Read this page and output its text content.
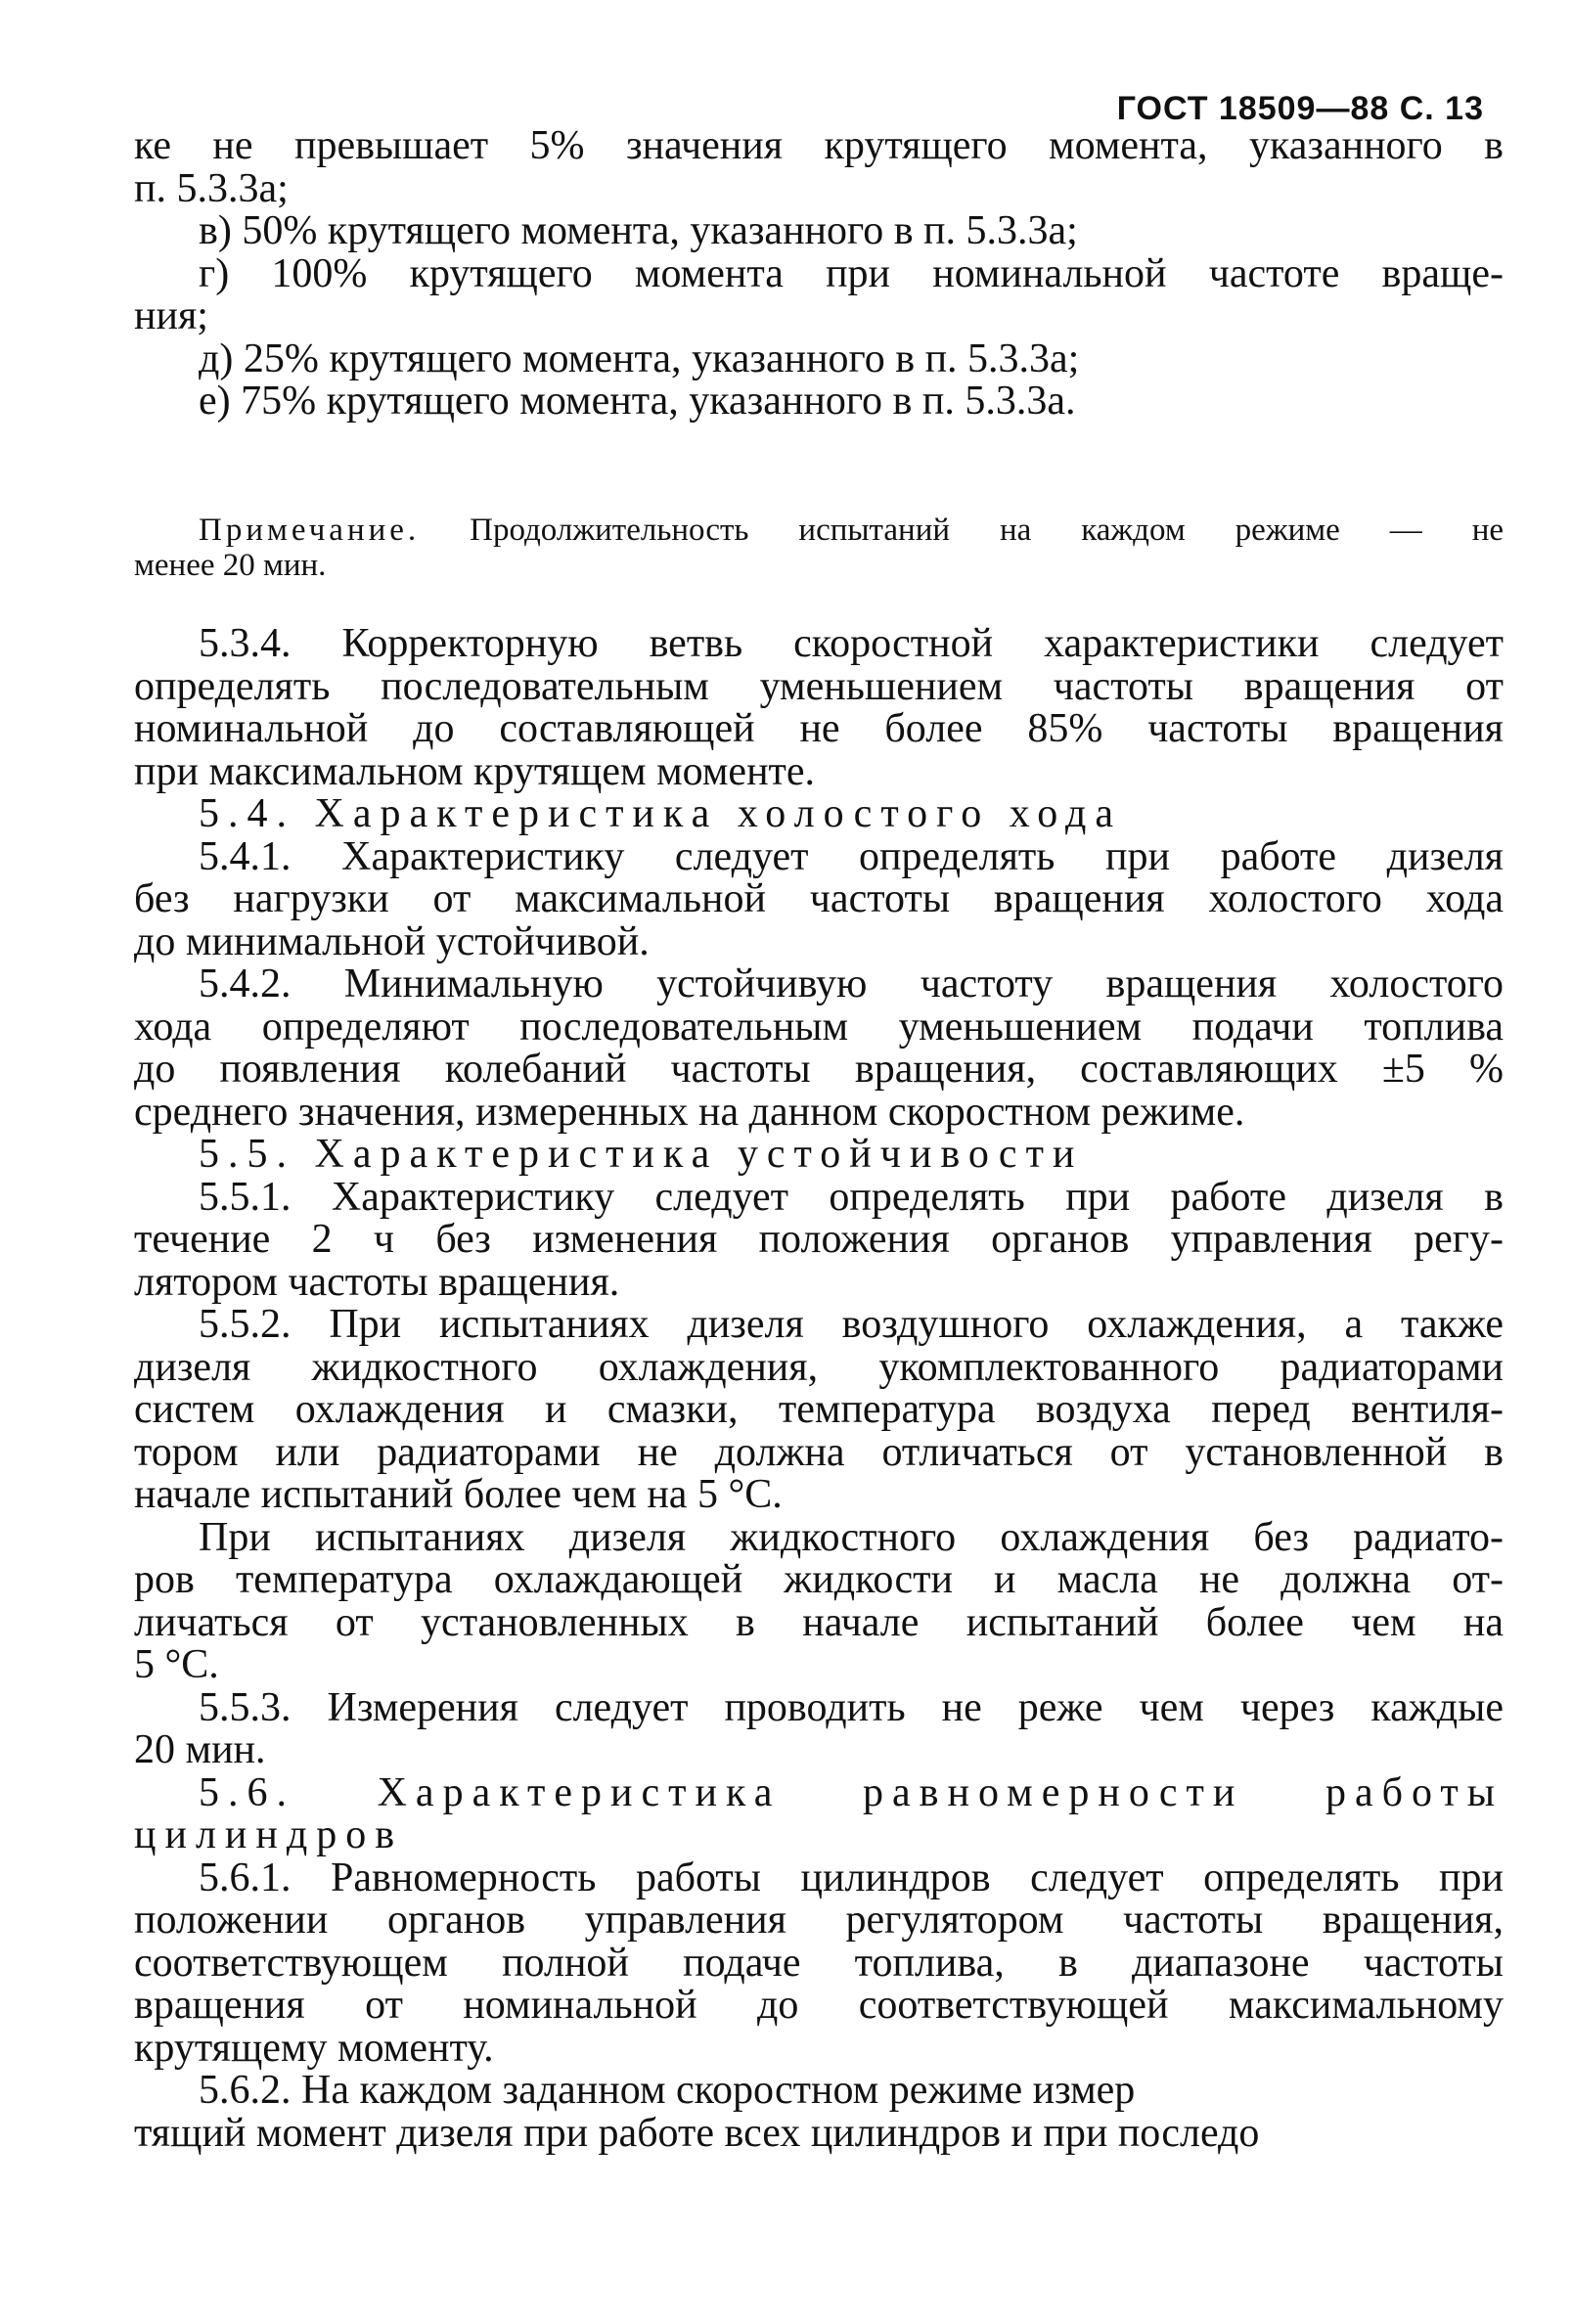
ГОСТ 18509—88 С. 13
ке не превышает 5% значения крутящего момента, указанного в
п. 5.3.3а;
в) 50% крутящего момента, указанного в п. 5.3.3а;
г) 100% крутящего момента при номинальной частоте враще-
ния;
д) 25% крутящего момента, указанного в п. 5.3.3а;
е) 75% крутящего момента, указанного в п. 5.3.3а.
Примечание. Продолжительность испытаний на каждом режиме — не
менее 20 мин.
5.3.4. Корректорную ветвь скоростной характеристики следует
определять последовательным уменьшением частоты вращения от
номинальной до составляющей не более 85% частоты вращения
при максимальном крутящем моменте.
5.4. Характеристика холостого хода
5.4.1. Характеристику следует определять при работе дизеля
без нагрузки от максимальной частоты вращения холостого хода
до минимальной устойчивой.
5.4.2. Минимальную устойчивую частоту вращения холостого
хода определяют последовательным уменьшением подачи топлива
до появления колебаний частоты вращения, составляющих ±5 %
среднего значения, измеренных на данном скоростном режиме.
5.5. Характеристика устойчивости
5.5.1. Характеристику следует определять при работе дизеля в
течение 2 ч без изменения положения органов управления регу-
лятором частоты вращения.
5.5.2. При испытаниях дизеля воздушного охлаждения, а также
дизеля жидкостного охлаждения, укомплектованного радиаторами
систем охлаждения и смазки, температура воздуха перед вентиля-
тором или радиаторами не должна отличаться от установленной в
начале испытаний более чем на 5 °С.
При испытаниях дизеля жидкостного охлаждения без радиато-
ров температура охлаждающей жидкости и масла не должна от-
личаться от установленных в начале испытаний более чем на
5 °С.
5.5.3. Измерения следует проводить не реже чем через каждые
20 мин.
5.6. Характеристика равномерности работы
цилиндров
5.6.1. Равномерность работы цилиндров следует определять при
положении органов управления регулятором частоты вращения,
соответствующем полной подаче топлива, в диапазоне частоты
вращения от номинальной до соответствующей максимальному
крутящему моменту.
5.6.2. На каждом заданном скоростном режиме измер
тящий момент дизеля при работе всех цилиндров и при последо
